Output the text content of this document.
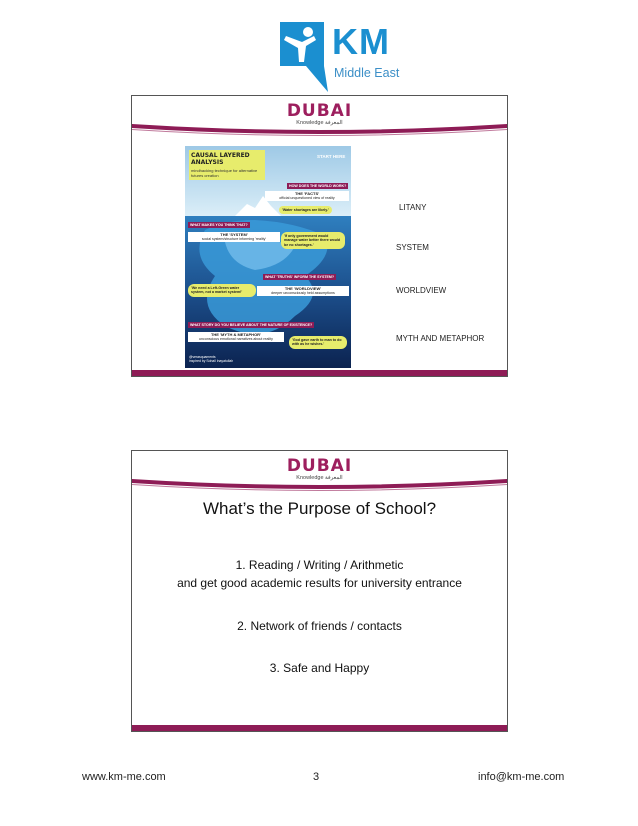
KM
Middle East
DUBAI
Knowledge المعرفة
CAUSAL LAYERED ANALYSIS
mindhacking technique for alternative futures creation
START HERE
HOW DOES THE WORLD WORK?
THE 'FACTS'
official unquestioned view of reality
'Water shortages are likely.'
WHAT MAKES YOU THINK THAT?
THE 'SYSTEM'
social system/structure informing 'reality'
'If only government would manage water better there would be no shortages.'
WHAT 'TRUTHS' INFORM THE SYSTEM?
'We need a Left-Green water system, not a market system!'
THE 'WORLDVIEW'
deeper unconsciously held assumptions
WHAT STORY DO YOU BELIEVE ABOUT THE NATURE OF EXISTENCE?
THE 'MYTH & METAPHOR'
unconscious emotional narratives about reality	'God gave earth to man to do with as he wishes.'
@verasquaments
inspired by Sohail Inayatullah
LITANY
SYSTEM
WORLDVIEW
MYTH AND METAPHOR
DUBAI
Knowledge المعرفة
What’s the Purpose of School?
1. Reading / Writing / Arithmetic
and get good academic results for university entrance
2. Network of friends / contacts
3. Safe and Happy
www.km-me.com	3	info@km-me.com
